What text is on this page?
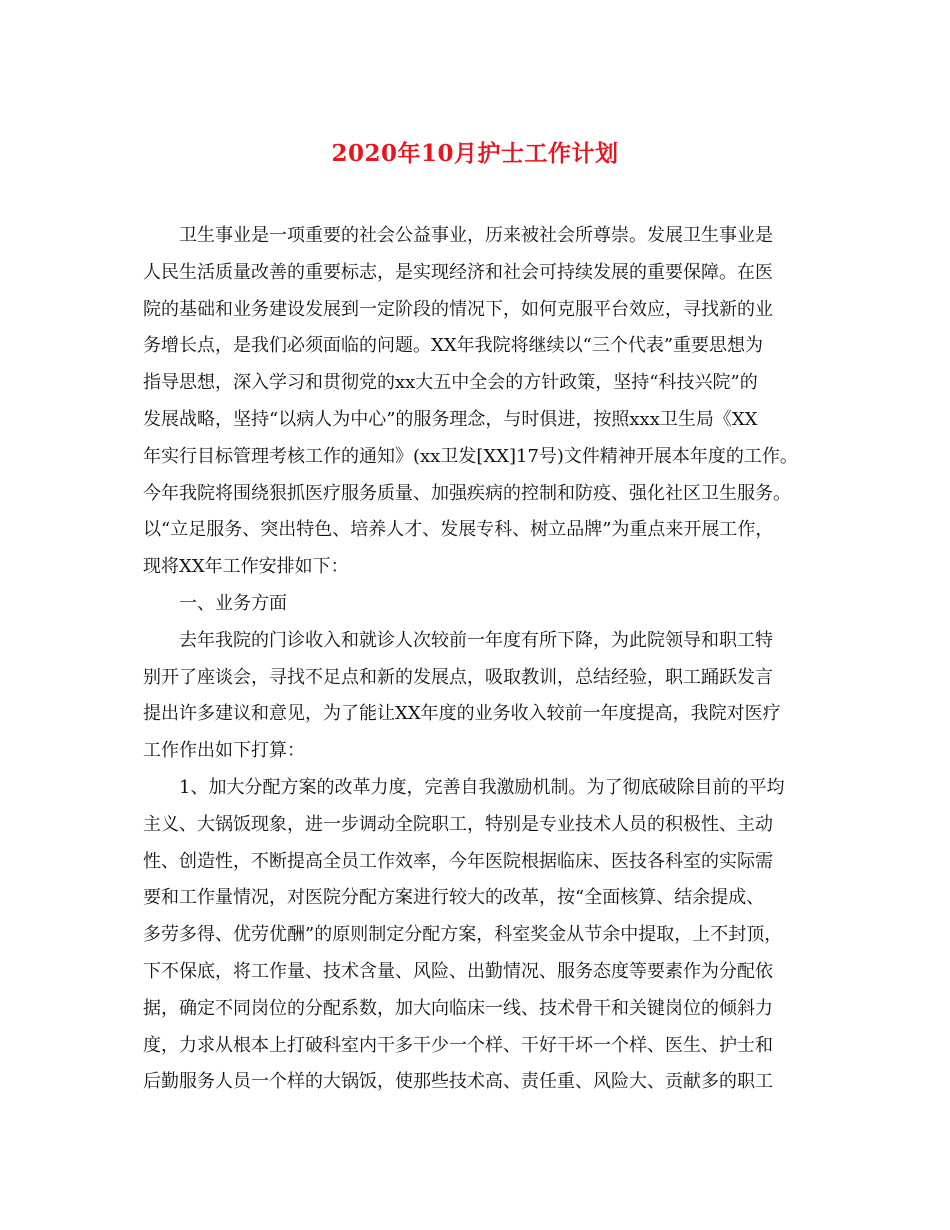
2020年10月护士工作计划
卫生事业是一项重要的社会公益事业，历来被社会所尊崇。发展卫生事业是
人民生活质量改善的重要标志，是实现经济和社会可持续发展的重要保障。在医
院的基础和业务建设发展到一定阶段的情况下，如何克服平台效应，寻找新的业
务增长点，是我们必须面临的问题。XX年我院将继续以“三个代表”重要思想为
指导思想，深入学习和贯彻党的xx大五中全会的方针政策，坚持“科技兴院”的
发展战略，坚持“以病人为中心”的服务理念，与时俱进，按照xxx卫生局《XX
年实行目标管理考核工作的通知》(xx卫发[XX]17号)文件精神开展本年度的工作。
今年我院将围绕狠抓医疗服务质量、加强疾病的控制和防疫、强化社区卫生服务。
以“立足服务、突出特色、培养人才、发展专科、树立品牌”为重点来开展工作，
现将XX年工作安排如下：
一、业务方面
去年我院的门诊收入和就诊人次较前一年度有所下降，为此院领导和职工特
别开了座谈会，寻找不足点和新的发展点，吸取教训，总结经验，职工踊跃发言
提出许多建议和意见，为了能让XX年度的业务收入较前一年度提高，我院对医疗
工作作出如下打算：
1、加大分配方案的改革力度，完善自我激励机制。为了彻底破除目前的平均
主义、大锅饭现象，进一步调动全院职工，特别是专业技术人员的积极性、主动
性、创造性，不断提高全员工作效率，今年医院根据临床、医技各科室的实际需
要和工作量情况，对医院分配方案进行较大的改革，按“全面核算、结余提成、
多劳多得、优劳优酬”的原则制定分配方案，科室奖金从节余中提取，上不封顶，
下不保底，将工作量、技术含量、风险、出勤情况、服务态度等要素作为分配依
据，确定不同岗位的分配系数，加大向临床一线、技术骨干和关键岗位的倾斜力
度，力求从根本上打破科室内干多干少一个样、干好干坏一个样、医生、护士和
后勤服务人员一个样的大锅饭，使那些技术高、责任重、风险大、贡献多的职工
